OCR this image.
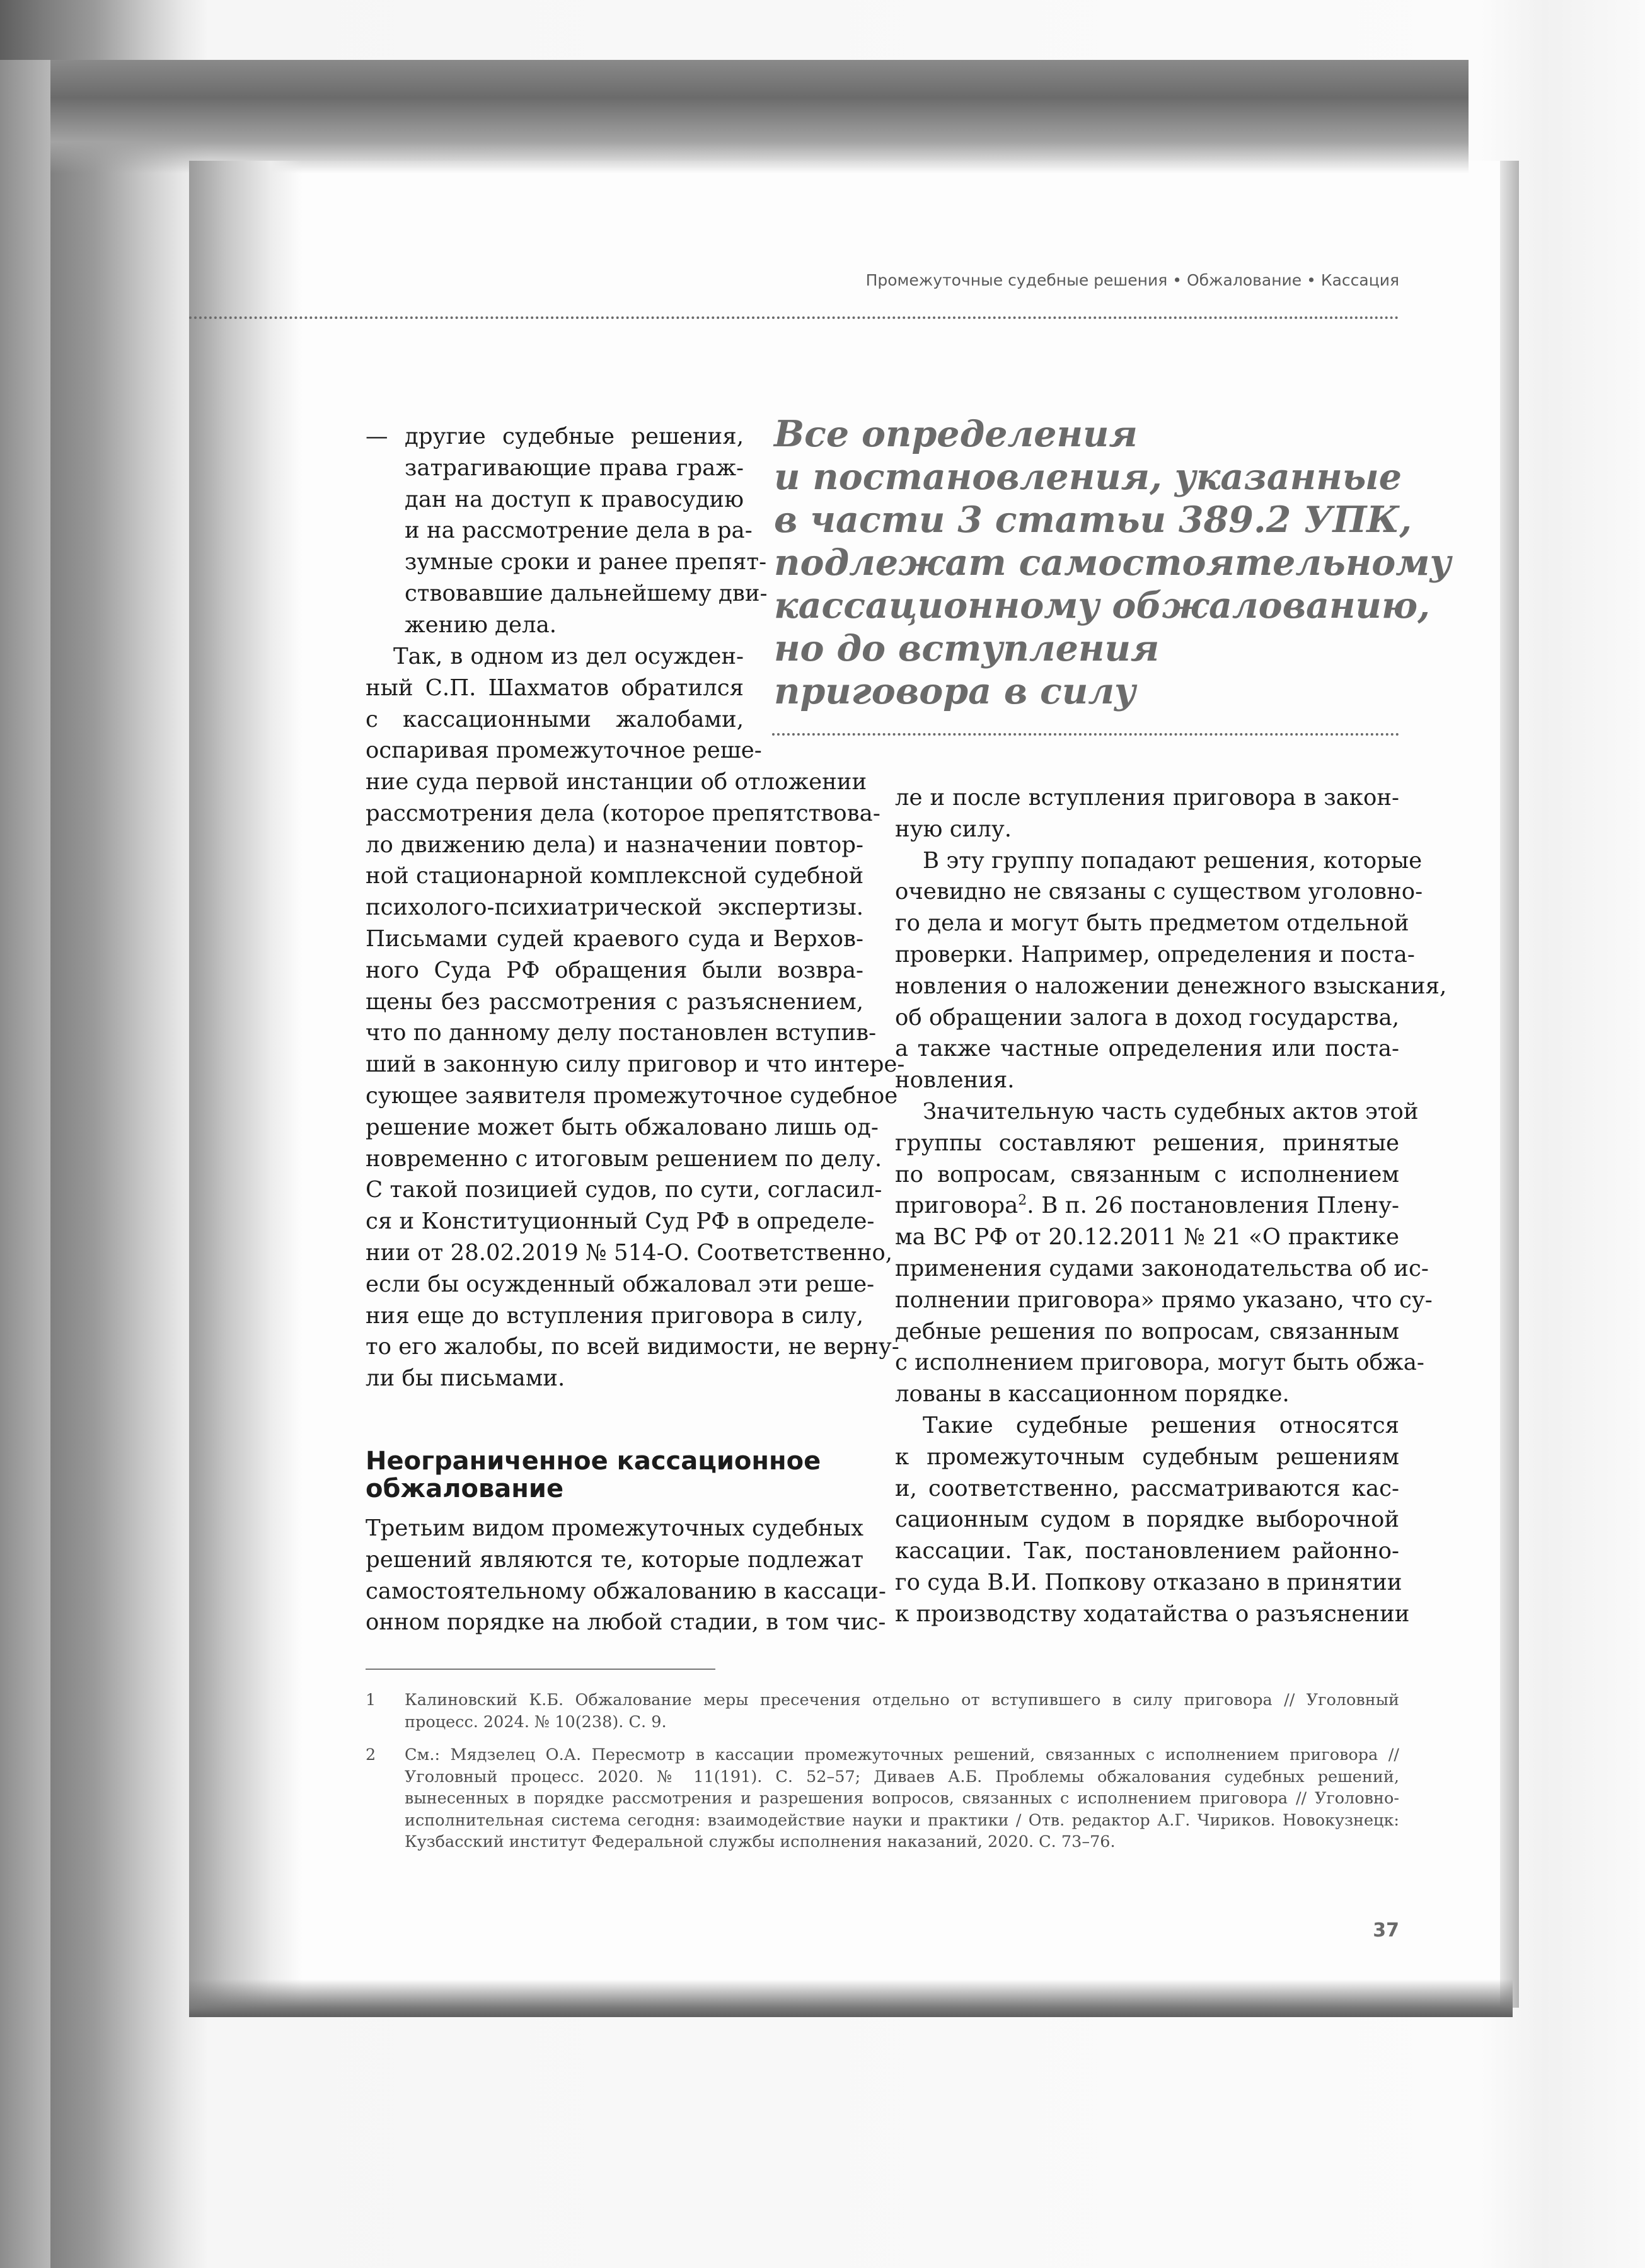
Промежуточные судебные решения • Обжалование • Кассация
Все определения
и постановления, указанные
в части 3 статьи 389.2 УПК,
подлежат самостоятельному
кассационному обжалованию,
но до вступления
приговора в силу
— другие судебные решения,
затрагивающие права граж-
дан на доступ к правосудию
и на рассмотрение дела в ра-
зумные сроки и ранее препят-
ствовавшие дальнейшему дви-
жению дела.
Так, в одном из дел осужден-
ный С.П. Шахматов обратился
с кассационными жалобами,
оспаривая промежуточное реше-
ние суда первой инстанции об отложении
рассмотрения дела (которое препятствова-
ло движению дела) и назначении повтор-
ной стационарной комплексной судебной
психолого-психиатрической экспертизы.
Письмами судей краевого суда и Верхов-
ного Суда РФ обращения были возвра-
щены без рассмотрения с разъяснением,
что по данному делу постановлен вступив-
ший в законную силу приговор и что интере-
сующее заявителя промежуточное судебное
решение может быть обжаловано лишь од-
новременно с итоговым решением по делу.
С такой позицией судов, по сути, согласил-
ся и Конституционный Суд РФ в определе-
нии от 28.02.2019 № 514-О. Соответственно,
если бы осужденный обжаловал эти реше-
ния еще до вступления приговора в силу,
то его жалобы, по всей видимости, не верну-
ли бы письмами.
Неограниченное кассационное обжалование
Третьим видом промежуточных судебных
решений являются те, которые подлежат
самостоятельному обжалованию в кассаци-
онном порядке на любой стадии, в том чис-
ле и после вступления приговора в закон-
ную силу.
В эту группу попадают решения, которые
очевидно не связаны с существом уголовно-
го дела и могут быть предметом отдельной
проверки. Например, определения и поста-
новления о наложении денежного взыскания,
об обращении залога в доход государства,
а также частные определения или поста-
новления.
Значительную часть судебных актов этой
группы составляют решения, принятые
по вопросам, связанным с исполнением
приговора$^2$. В п. 26 постановления Плену-
ма ВС РФ от 20.12.2011 № 21 «О практике
применения судами законодательства об ис-
полнении приговора» прямо указано, что су-
дебные решения по вопросам, связанным
с исполнением приговора, могут быть обжа-
лованы в кассационном порядке.
Такие судебные решения относятся
к промежуточным судебным решениям
и, соответственно, рассматриваются кас-
сационным судом в порядке выборочной
кассации. Так, постановлением районно-
го суда В.И. Попкову отказано в принятии
к производству ходатайства о разъяснении
1 Калиновский К.Б. Обжалование меры пресечения отдельно от вступившего в силу приговора // Уголовный процесс. 2024. № 10(238). С. 9.
2 См.: Мядзелец О.А. Пересмотр в кассации промежуточных решений, связанных с исполнением приговора // Уголовный процесс. 2020. № 11(191). С. 52–57; Диваев А.Б. Проблемы обжалования судебных решений, вынесенных в порядке рассмотрения и разрешения вопросов, связанных с исполнением приговора // Уголовно-исполнительная система сегодня: взаимодействие науки и практики / Отв. редактор А.Г. Чириков. Новокузнецк: Кузбасский институт Федеральной службы исполнения наказаний, 2020. С. 73–76.
37
